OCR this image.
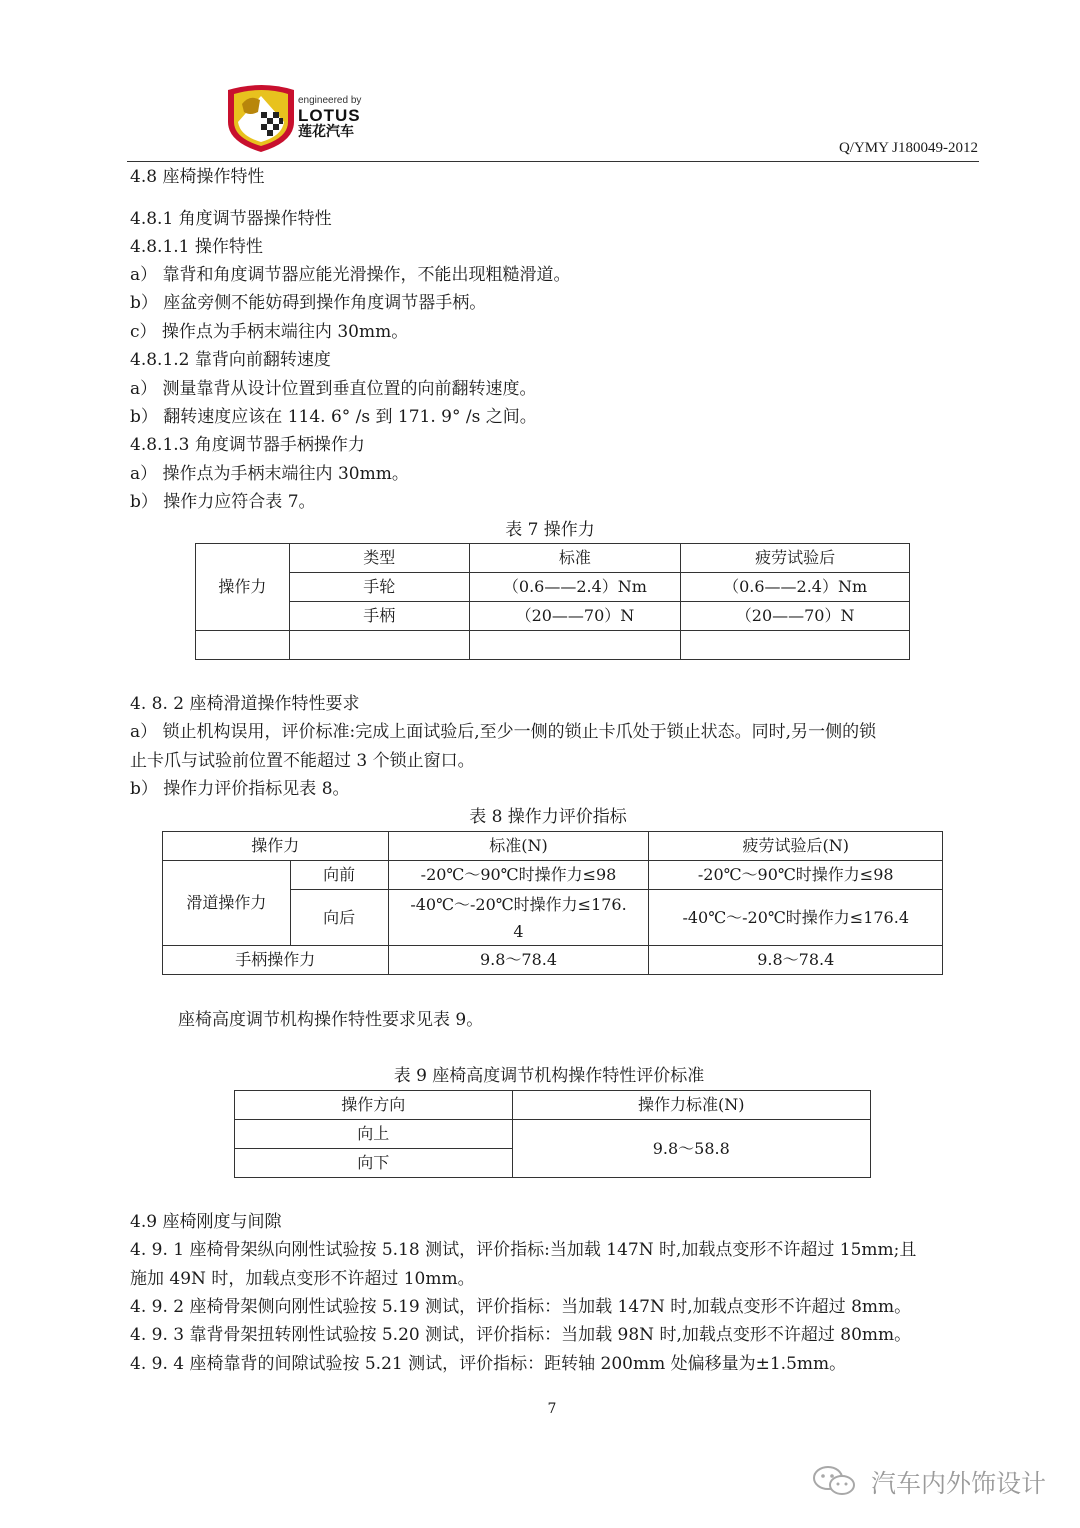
engineered by
LOTUS
莲花汽车
Q/YMY J180049-2012
4.8 座椅操作特性
4.8.1 角度调节器操作特性
4.8.1.1 操作特性
a） 靠背和角度调节器应能光滑操作，不能出现粗糙滑道。
b） 座盆旁侧不能妨碍到操作角度调节器手柄。
c） 操作点为手柄末端往内 30mm。
4.8.1.2 靠背向前翻转速度
a） 测量靠背从设计位置到垂直位置的向前翻转速度。
b） 翻转速度应该在 114. 6° /s 到 171. 9° /s 之间。
4.8.1.3 角度调节器手柄操作力
a） 操作点为手柄末端往内 30mm。
b） 操作力应符合表 7。
表 7 操作力
操作力	类型	标准	疲劳试验后
	手轮	（0.6——2.4）Nm	（0.6——2.4）Nm
	手柄	（20——70）N	（20——70）N

4. 8. 2 座椅滑道操作特性要求
a） 锁止机构误用，评价标准:完成上面试验后,至少一侧的锁止卡爪处于锁止状态。同时,另一侧的锁
止卡爪与试验前位置不能超过 3 个锁止窗口。
b） 操作力评价指标见表 8。
表 8 操作力评价指标
操作力		标准(N)	疲劳试验后(N)
滑道操作力	向前	-20℃～90℃时操作力≤98	-20℃～90℃时操作力≤98
	向后	-40℃～-20℃时操作力≤176.4	-40℃～-20℃时操作力≤176.4
手柄操作力		9.8～78.4	9.8～78.4
座椅高度调节机构操作特性要求见表 9。
表 9 座椅高度调节机构操作特性评价标准
操作方向	操作力标准(N)
向上	9.8～58.8
向下	
4.9 座椅刚度与间隙
4. 9. 1 座椅骨架纵向刚性试验按 5.18 测试，评价指标:当加载 147N 时,加载点变形不许超过 15mm;且
施加 49N 时，加载点变形不许超过 10mm。
4. 9. 2 座椅骨架侧向刚性试验按 5.19 测试，评价指标：当加载 147N 时,加载点变形不许超过 8mm。
4. 9. 3 靠背骨架扭转刚性试验按 5.20 测试，评价指标：当加载 98N 时,加载点变形不许超过 80mm。
4. 9. 4 座椅靠背的间隙试验按 5.21 测试，评价指标：距转轴 200mm 处偏移量为±1.5mm。
7
汽车内外饰设计
